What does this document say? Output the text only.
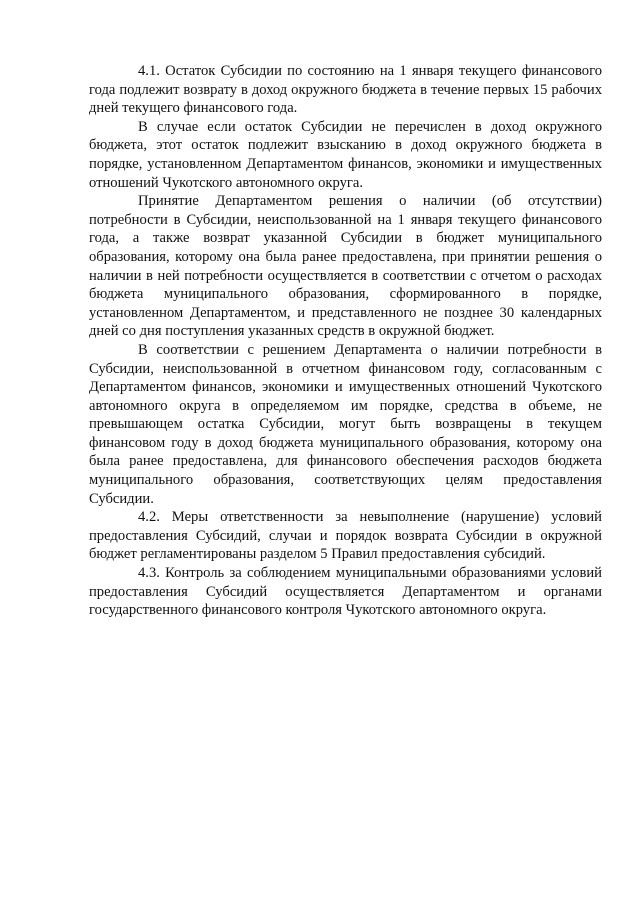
4.1. Остаток Субсидии по состоянию на 1 января текущего финансового года подлежит возврату в доход окружного бюджета в течение первых 15 рабочих дней текущего финансового года.

В случае если остаток Субсидии не перечислен в доход окружного бюджета, этот остаток подлежит взысканию в доход окружного бюджета в порядке, установленном Департаментом финансов, экономики и имущественных отношений Чукотского автономного округа.

Принятие Департаментом решения о наличии (об отсутствии) потребности в Субсидии, неиспользованной на 1 января текущего финансового года, а также возврат указанной Субсидии в бюджет муниципального образования, которому она была ранее предоставлена, при принятии решения о наличии в ней потребности осуществляется в соответствии с отчетом о расходах бюджета муниципального образования, сформированного в порядке, установленном Департаментом, и представленного не позднее 30 календарных дней со дня поступления указанных средств в окружной бюджет.

В соответствии с решением Департамента о наличии потребности в Субсидии, неиспользованной в отчетном финансовом году, согласованным с Департаментом финансов, экономики и имущественных отношений Чукотского автономного округа в определяемом им порядке, средства в объеме, не превышающем остатка Субсидии, могут быть возвращены в текущем финансовом году в доход бюджета муниципального образования, которому она была ранее предоставлена, для финансового обеспечения расходов бюджета муниципального образования, соответствующих целям предоставления Субсидии.

4.2. Меры ответственности за невыполнение (нарушение) условий предоставления Субсидий, случаи и порядок возврата Субсидии в окружной бюджет регламентированы разделом 5 Правил предоставления субсидий.

4.3. Контроль за соблюдением муниципальными образованиями условий предоставления Субсидий осуществляется Департаментом и органами государственного финансового контроля Чукотского автономного округа.
